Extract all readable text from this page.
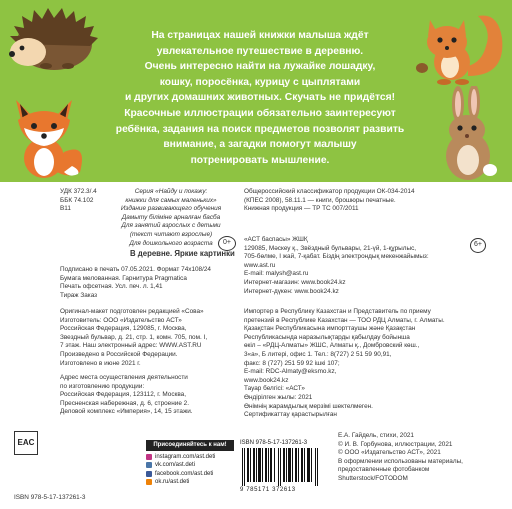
На страницах нашей книжки малыша ждёт
увлекательное путешествие в деревню.
Очень интересно найти на лужайке лошадку,
кошку, поросёнка, курицу с цыплятами
и других домашних животных. Скучать не придётся!
Красочные иллюстрации обязательно заинтересуют
ребёнка, задания на поиск предметов позволят развить
внимание, а загадки помогут малышу
потренировать мышление.
УДК 372.3/.4
ББК 74.102
В11
Серия «Найду и покажу:
книжки для самых маленьких»
Издание развивающего обучения
Дамыту бiлiмiне арналған басба
Для занятий взрослых с детьми
(текст читают взрослые)
Для дошкольного возраста
Общероссийский классификатор продукции ОК-034-2014
(КПЕС 2008), 58.11.1 — книги, брошюры печатные.
Книжная продукция — ТР ТС 007/2011
В деревне. Яркие картинки
0+	6+
«АСТ баспасы» ЖШҚ
129085, Мәскеу қ., Звёздный бульвары, 21-үй, 1-құрылыс,
705-бөлме, I жай, 7-қабат. Біздің электрондық мекенжайымыз:
www.ast.ru
E-mail: malysh@ast.ru
Интернет-магазин: www.book24.kz
Интернет-дүкен: www.book24.kz
Подписано в печать 07.05.2021. Формат 74x108/24
Бумага мелованная. Гарнитура Pragmatica
Печать офсетная. Усл. печ. л. 1,41
Тираж Заказ
Оригинал-макет подготовлен редакцией «Сова»
Изготовитель: ООО «Издательство АСТ»
Российская Федерация, 129085, г. Москва,
Звездный бульвар, д. 21, стр. 1, комн. 705, пом. I,
7 этаж. Наш электронный адрес: WWW.AST.RU
Произведено в Российской Федерации.
Изготовлено в июне 2021 г.
Адрес места осуществления деятельности
по изготовлению продукции:
Российская Федерация, 123112, г. Москва,
Пресненская набережная, д. 6, строение 2.
Деловой комплекс «Империя», 14, 15 этажи.
Импортер в Республику Казахстан и Представитель по приему
претензий в Республике Казахстан — ТОО РДЦ Алматы, г. Алматы.
Қазақстан Республикасына импорттаушы және Қазақстан
Республикасында наразылықтарды қабылдау бойынша
өкіл – «РДЦ-Алматы» ЖШС, Алматы қ., Домбровский көш.,
3«а», Б литері, офис 1. Тел.: 8(727) 2 51 59 90,91,
факс: 8 (727) 251 59 92 ішкі 107;
E-mail: RDC-Almaty@eksmo.kz,
www.book24.kz
Тауар белгісі: «АСТ»
Өндірілген жылы: 2021
Өнімнің жарамдылық мерзімі шектелмеген.
Сертификаттау қарастырылған
EAC
ISBN 978-5-17-137261-3
Присоединяйтесь к нам!
instagram.com/ast.deti
vk.com/ast.deti
facebook.com/ast.deti
ok.ru/ast.deti
ISBN 978-5-17-137261-3
9 785171 372613
Е.А. Гайдель, стихи, 2021
© И. В. Горбунова, иллюстрации, 2021
© ООО «Издательство АСТ», 2021
В оформлении использованы материалы,
предоставленные фотобанком
Shutterstock/FOTODOM
